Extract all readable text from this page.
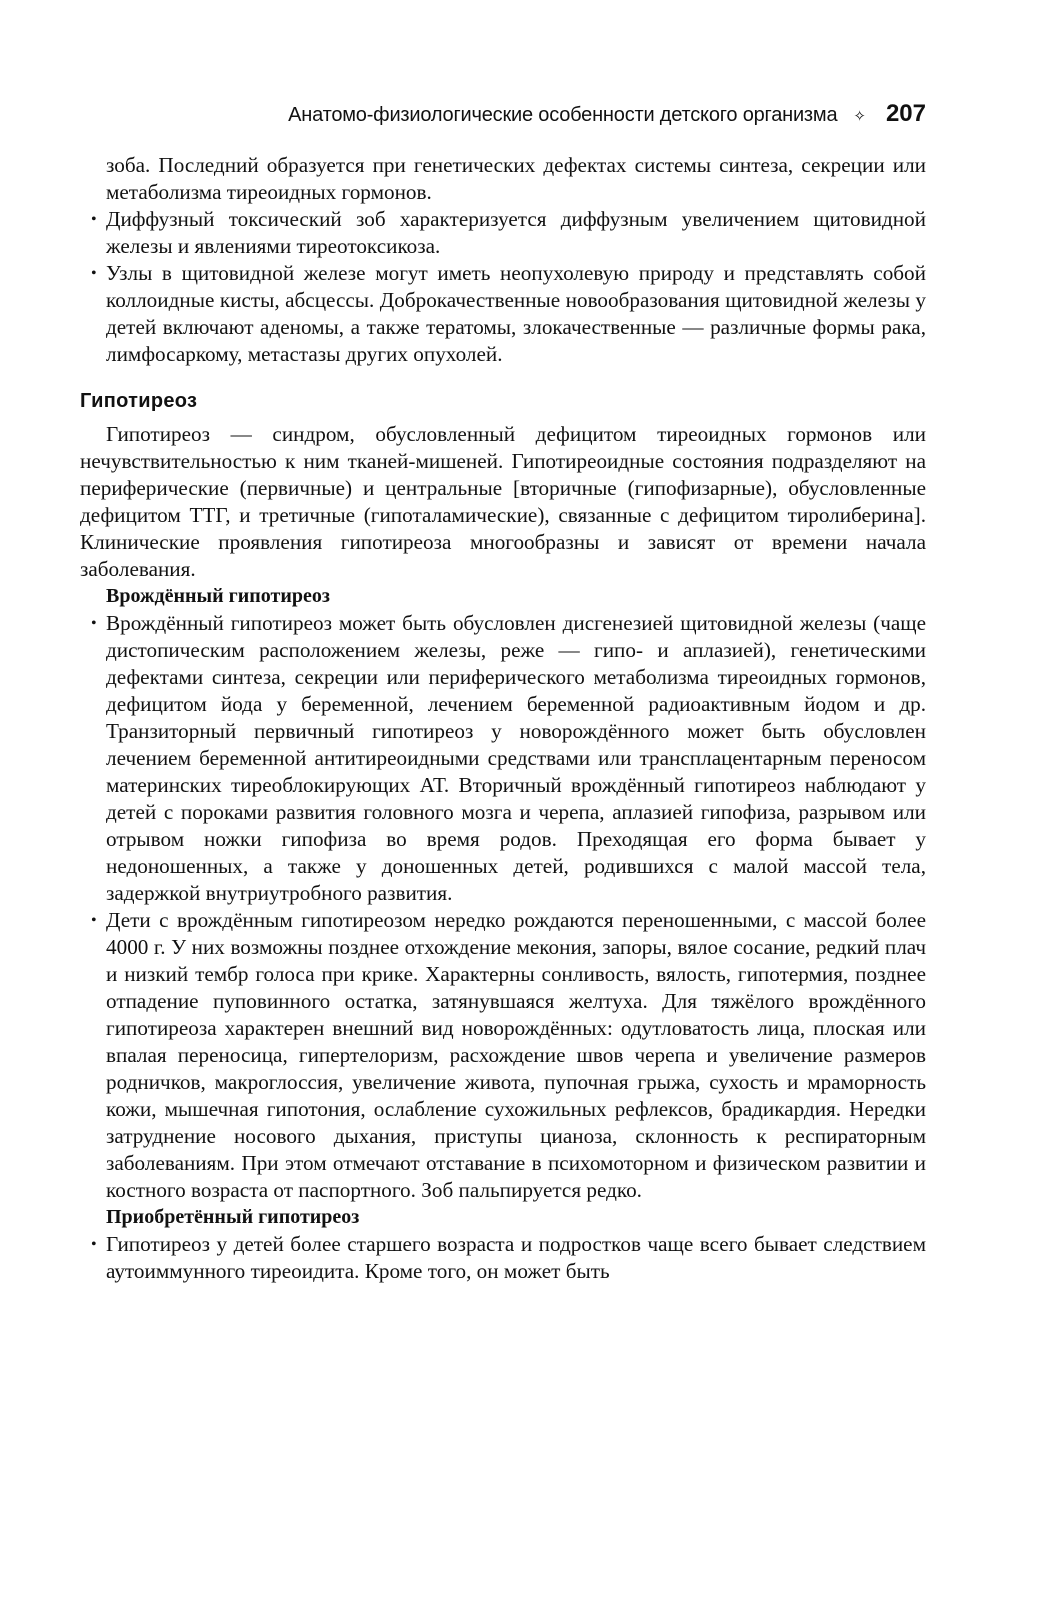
Анатомо-физиологические особенности детского организма ✧ 207

зоба. Последний образуется при генетических дефектах системы синтеза, секреции или метаболизма тиреоидных гормонов.

• Диффузный токсический зоб характеризуется диффузным увеличением щитовидной железы и явлениями тиреотоксикоза.
• Узлы в щитовидной железе могут иметь неопухолевую природу и представлять собой коллоидные кисты, абсцессы. Доброкачественные новообразования щитовидной железы у детей включают аденомы, а также тератомы, злокачественные — различные формы рака, лимфосаркому, метастазы других опухолей.
Гипотиреоз

Гипотиреоз — синдром, обусловленный дефицитом тиреоидных гормонов или нечувствительностью к ним тканей-мишеней. Гипотиреоидные состояния подразделяют на периферические (первичные) и центральные [вторичные (гипофизарные), обусловленные дефицитом ТТГ, и третичные (гипоталамические), связанные с дефицитом тиролиберина]. Клинические проявления гипотиреоза многообразны и зависят от времени начала заболевания.

Врождённый гипотиреоз
• Врождённый гипотиреоз может быть обусловлен дисгенезией щитовидной железы (чаще дистопическим расположением железы, реже — гипо- и аплазией), генетическими дефектами синтеза, секреции или периферического метаболизма тиреоидных гормонов, дефицитом йода у беременной, лечением беременной радиоактивным йодом и др. Транзиторный первичный гипотиреоз у новорождённого может быть обусловлен лечением беременной антитиреоидными средствами или трансплацентарным переносом материнских тиреоблокирующих АТ. Вторичный врождённый гипотиреоз наблюдают у детей с пороками развития головного мозга и черепа, аплазией гипофиза, разрывом или отрывом ножки гипофиза во время родов. Преходящая его форма бывает у недоношенных, а также у доношенных детей, родившихся с малой массой тела, задержкой внутриутробного развития.
• Дети с врождённым гипотиреозом нередко рождаются переношенными, с массой более 4000 г. У них возможны позднее отхождение мекония, запоры, вялое сосание, редкий плач и низкий тембр голоса при крике. Характерны сонливость, вялость, гипотермия, позднее отпадение пуповинного остатка, затянувшаяся желтуха. Для тяжёлого врождённого гипотиреоза характерен внешний вид новорождённых: одутловатость лица, плоская или впалая переносица, гипертелоризм, расхождение швов черепа и увеличение размеров родничков, макроглоссия, увеличение живота, пупочная грыжа, сухость и мраморность кожи, мышечная гипотония, ослабление сухожильных рефлексов, брадикардия. Нередки затруднение носового дыхания, приступы цианоза, склонность к респираторным заболеваниям. При этом отмечают отставание в психомоторном и физическом развитии и костного возраста от паспортного. Зоб пальпируется редко.
Приобретённый гипотиреоз
• Гипотиреоз у детей более старшего возраста и подростков чаще всего бывает следствием аутоиммунного тиреоидита. Кроме того, он может быть
